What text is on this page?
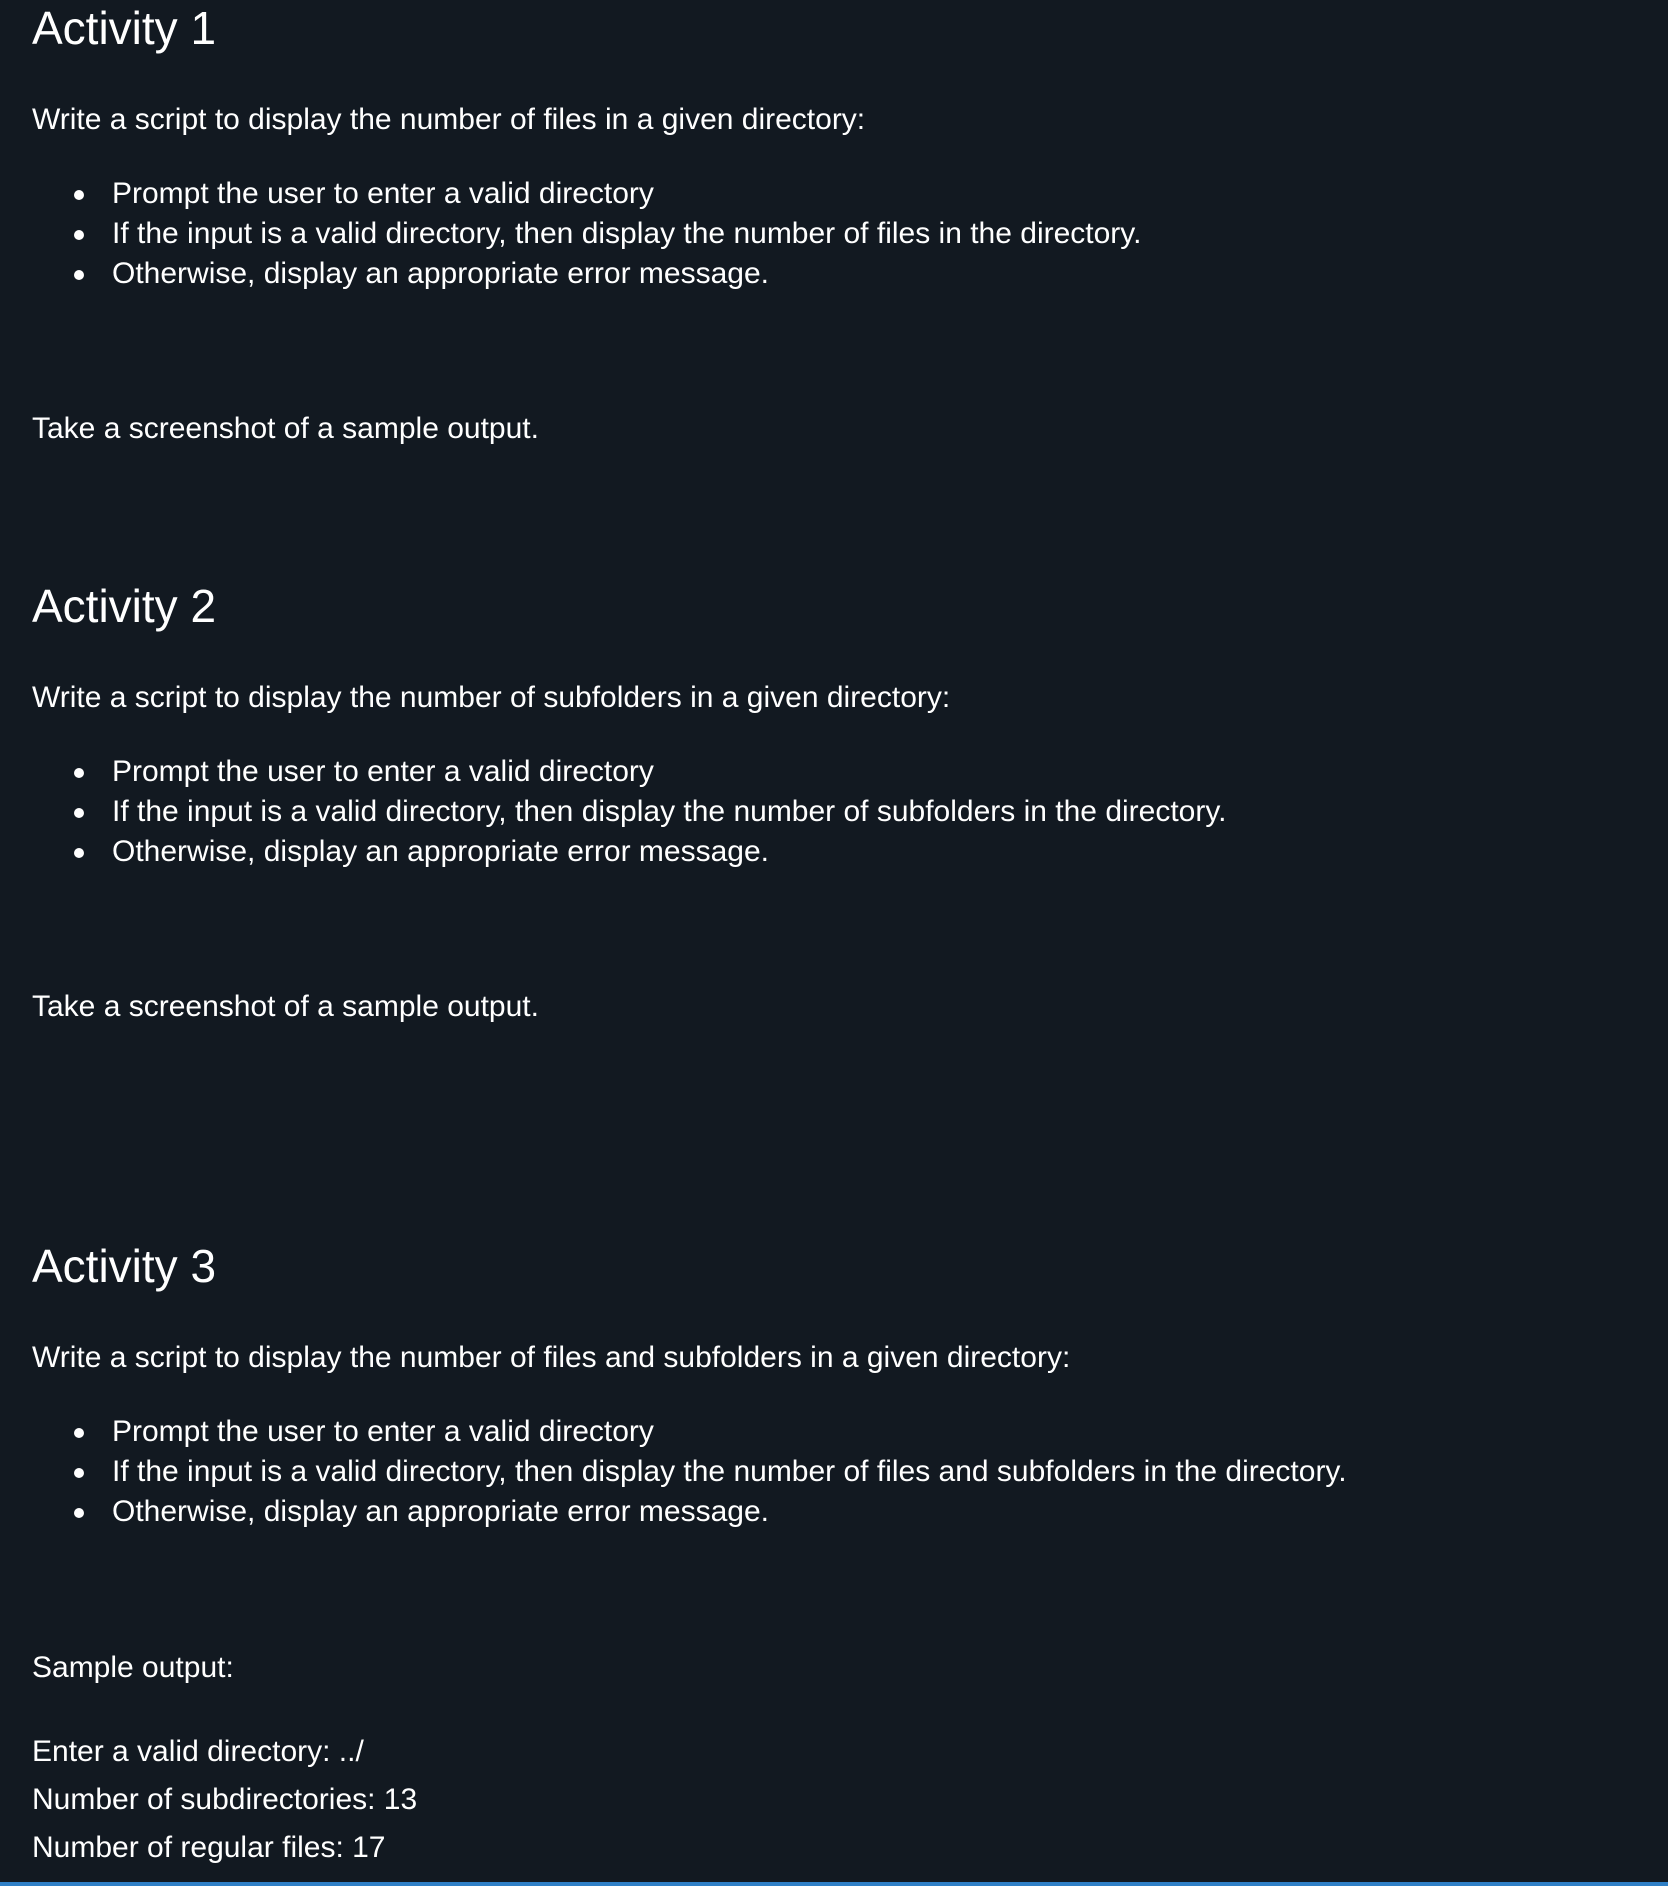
Activity 1

Write a script to display the number of files in a given directory:

Prompt the user to enter a valid directory
If the input is a valid directory, then display the number of files in the directory.
Otherwise, display an appropriate error message.

Take a screenshot of a sample output.

Activity 2

Write a script to display the number of subfolders in a given directory:

Prompt the user to enter a valid directory
If the input is a valid directory, then display the number of subfolders in the directory.
Otherwise, display an appropriate error message.

Take a screenshot of a sample output.

Activity 3

Write a script to display the number of files and subfolders in a given directory:

Prompt the user to enter a valid directory
If the input is a valid directory, then display the number of files and subfolders in the directory.
Otherwise, display an appropriate error message.

Sample output:

Enter a valid directory: ../
Number of subdirectories: 13
Number of regular files: 17
